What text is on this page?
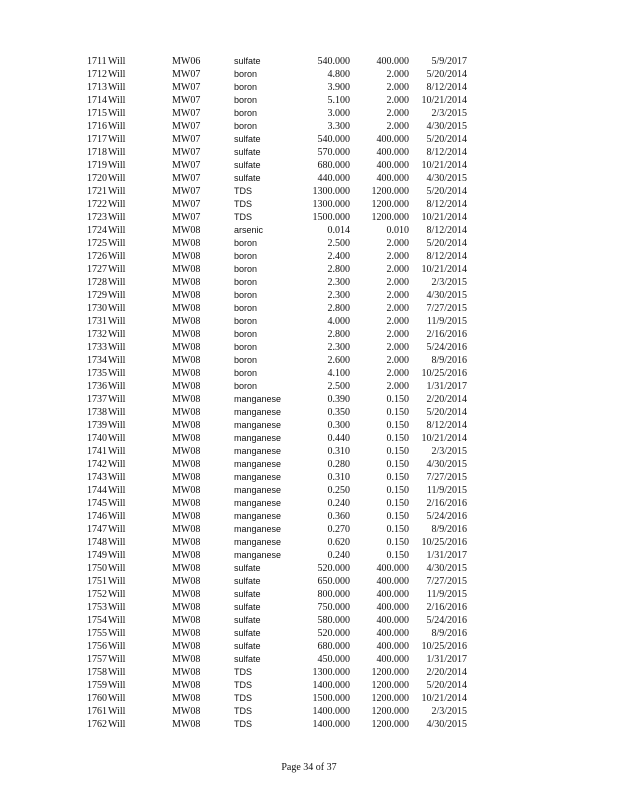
1711 Will	MW06	sulfate	540.000	400.000 5/9/2017
1712 Will	MW07	boron	4.800	2.000 5/20/2014
1713 Will	MW07	boron	3.900	2.000 8/12/2014
1714 Will	MW07	boron	5.100	2.000 10/21/2014
1715 Will	MW07	boron	3.000	2.000 2/3/2015
1716 Will	MW07	boron	3.300	2.000 4/30/2015
1717 Will	MW07	sulfate	540.000	400.000 5/20/2014
1718 Will	MW07	sulfate	570.000	400.000 8/12/2014
1719 Will	MW07	sulfate	680.000	400.000 10/21/2014
1720 Will	MW07	sulfate	440.000	400.000 4/30/2015
1721 Will	MW07	TDS	1300.000 1200.000 5/20/2014
1722 Will	MW07	TDS	1300.000 1200.000 8/12/2014
1723 Will	MW07	TDS	1500.000 1200.000 10/21/2014
1724 Will	MW08	arsenic	0.014	0.010 8/12/2014
1725 Will	MW08	boron	2.500	2.000 5/20/2014
1726 Will	MW08	boron	2.400	2.000 8/12/2014
1727 Will	MW08	boron	2.800	2.000 10/21/2014
1728 Will	MW08	boron	2.300	2.000 2/3/2015
1729 Will	MW08	boron	2.300	2.000 4/30/2015
1730 Will	MW08	boron	2.800	2.000 7/27/2015
1731 Will	MW08	boron	4.000	2.000 11/9/2015
1732 Will	MW08	boron	2.800	2.000 2/16/2016
1733 Will	MW08	boron	2.300	2.000 5/24/2016
1734 Will	MW08	boron	2.600	2.000 8/9/2016
1735 Will	MW08	boron	4.100	2.000 10/25/2016
1736 Will	MW08	boron	2.500	2.000 1/31/2017
1737 Will	MW08	manganese	0.390	0.150 2/20/2014
1738 Will	MW08	manganese	0.350	0.150 5/20/2014
1739 Will	MW08	manganese	0.300	0.150 8/12/2014
1740 Will	MW08	manganese	0.440	0.150 10/21/2014
1741 Will	MW08	manganese	0.310	0.150 2/3/2015
1742 Will	MW08	manganese	0.280	0.150 4/30/2015
1743 Will	MW08	manganese	0.310	0.150 7/27/2015
1744 Will	MW08	manganese	0.250	0.150 11/9/2015
1745 Will	MW08	manganese	0.240	0.150 2/16/2016
1746 Will	MW08	manganese	0.360	0.150 5/24/2016
1747 Will	MW08	manganese	0.270	0.150 8/9/2016
1748 Will	MW08	manganese	0.620	0.150 10/25/2016
1749 Will	MW08	manganese	0.240	0.150 1/31/2017
1750 Will	MW08	sulfate	520.000	400.000 4/30/2015
1751 Will	MW08	sulfate	650.000	400.000 7/27/2015
1752 Will	MW08	sulfate	800.000	400.000 11/9/2015
1753 Will	MW08	sulfate	750.000	400.000 2/16/2016
1754 Will	MW08	sulfate	580.000	400.000 5/24/2016
1755 Will	MW08	sulfate	520.000	400.000 8/9/2016
1756 Will	MW08	sulfate	680.000	400.000 10/25/2016
1757 Will	MW08	sulfate	450.000	400.000 1/31/2017
1758 Will	MW08	TDS	1300.000 1200.000 2/20/2014
1759 Will	MW08	TDS	1400.000 1200.000 5/20/2014
1760 Will	MW08	TDS	1500.000 1200.000 10/21/2014
1761 Will	MW08	TDS	1400.000 1200.000 2/3/2015
1762 Will	MW08	TDS	1400.000 1200.000 4/30/2015
Page 34 of 37
